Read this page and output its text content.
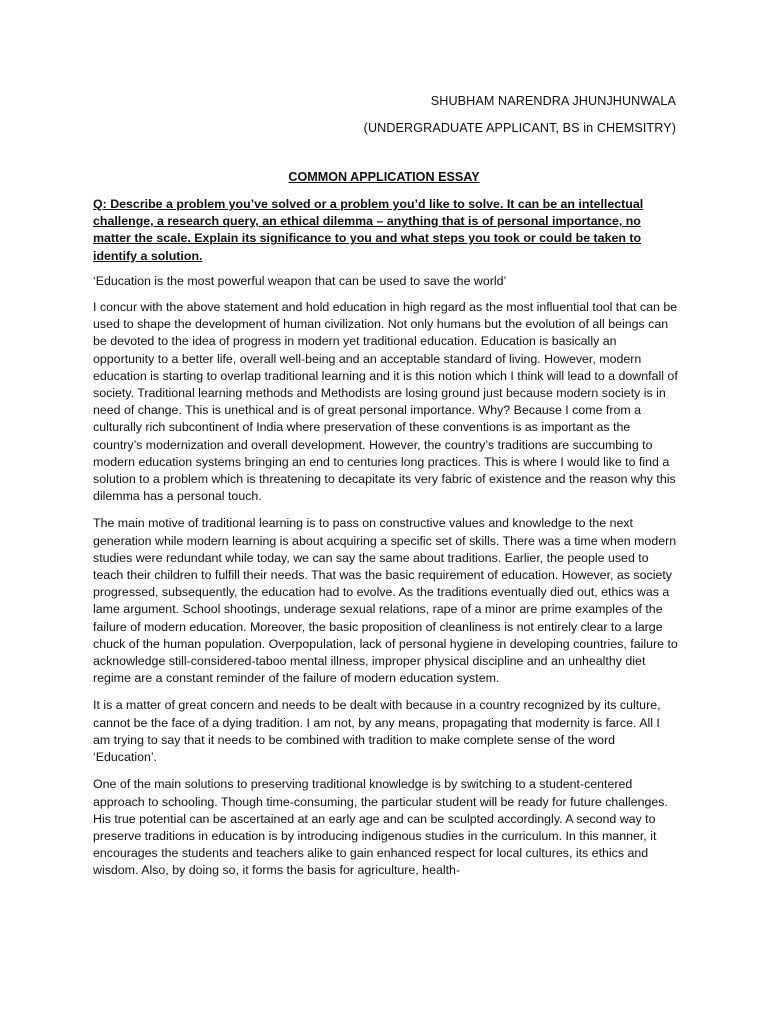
SHUBHAM NARENDRA JHUNJHUNWALA
(UNDERGRADUATE APPLICANT, BS in CHEMSITRY)
COMMON APPLICATION ESSAY

Q: Describe a problem you’ve solved or a problem you’d like to solve. It can be an intellectual challenge, a research query, an ethical dilemma – anything that is of personal importance, no matter the scale. Explain its significance to you and what steps you took or could be taken to identify a solution.

‘Education is the most powerful weapon that can be used to save the world’

I concur with the above statement and hold education in high regard as the most influential tool that can be used to shape the development of human civilization. Not only humans but the evolution of all beings can be devoted to the idea of progress in modern yet traditional education. Education is basically an opportunity to a better life, overall well-being and an acceptable standard of living. However, modern education is starting to overlap traditional learning and it is this notion which I think will lead to a downfall of society. Traditional learning methods and Methodists are losing ground just because modern society is in need of change. This is unethical and is of great personal importance. Why? Because I come from a culturally rich subcontinent of India where preservation of these conventions is as important as the country’s modernization and overall development. However, the country’s traditions are succumbing to modern education systems bringing an end to centuries long practices. This is where I would like to find a solution to a problem which is threatening to decapitate its very fabric of existence and the reason why this dilemma has a personal touch.

The main motive of traditional learning is to pass on constructive values and knowledge to the next generation while modern learning is about acquiring a specific set of skills. There was a time when modern studies were redundant while today, we can say the same about traditions. Earlier, the people used to teach their children to fulfill their needs. That was the basic requirement of education. However, as society progressed, subsequently, the education had to evolve. As the traditions eventually died out, ethics was a lame argument. School shootings, underage sexual relations, rape of a minor are prime examples of the failure of modern education. Moreover, the basic proposition of cleanliness is not entirely clear to a large chuck of the human population. Overpopulation, lack of personal hygiene in developing countries, failure to acknowledge still-considered-taboo mental illness, improper physical discipline and an unhealthy diet regime are a constant reminder of the failure of modern education system.

It is a matter of great concern and needs to be dealt with because in a country recognized by its culture, cannot be the face of a dying tradition. I am not, by any means, propagating that modernity is farce. All I am trying to say that it needs to be combined with tradition to make complete sense of the word ‘Education’.

One of the main solutions to preserving traditional knowledge is by switching to a student-centered approach to schooling. Though time-consuming, the particular student will be ready for future challenges. His true potential can be ascertained at an early age and can be sculpted accordingly. A second way to preserve traditions in education is by introducing indigenous studies in the curriculum. In this manner, it encourages the students and teachers alike to gain enhanced respect for local cultures, its ethics and wisdom. Also, by doing so, it forms the basis for agriculture, health-
